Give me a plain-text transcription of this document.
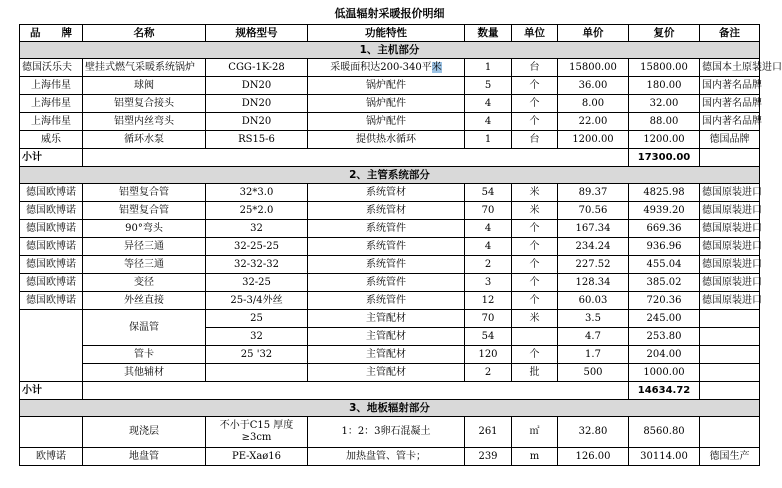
低温辐射采暖报价明细
品　　牌	名称	规格型号	功能特性	数量	单位	单价	复价	备注
1、主机部分								
德国沃乐夫	壁挂式燃气采暖系统锅炉	CGG-1K-28	采暖面积达200-340平米	1	台	15800.00	15800.00	德国本土原装进口
上海伟星	球阀	DN20	锅炉配件	5	个	36.00	180.00	国内著名品牌
上海伟星	铝塑复合接头	DN20	锅炉配件	4	个	8.00	32.00	国内著名品牌
上海伟星	铝塑内丝弯头	DN20	锅炉配件	4	个	22.00	88.00	国内著名品牌
威乐	循环水泵	RS15-6	提供热水循环	1	台	1200.00	1200.00	德国品牌
小计							17300.00	
2、主管系统部分								
德国欧博诺	铝塑复合管	32*3.0	系统管材	54	米	89.37	4825.98	德国原装进口
德国欧博诺	铝塑复合管	25*2.0	系统管材	70	米	70.56	4939.20	德国原装进口
德国欧博诺	90°弯头	32	系统管件	4	个	167.34	669.36	德国原装进口
德国欧博诺	异径三通	32-25-25	系统管件	4	个	234.24	936.96	德国原装进口
德国欧博诺	等径三通	32-32-32	系统管件	2	个	227.52	455.04	德国原装进口
德国欧博诺	变径	32-25	系统管件	3	个	128.34	385.02	德国原装进口
德国欧博诺	外丝直接	25-3/4外丝	系统管件	12	个	60.03	720.36	德国原装进口
	保温管	25	主管配材	70	米	3.5	245.00	
		32	主管配材	54		4.7	253.80	
	管卡	25 '32	主管配材	120	个	1.7	204.00	
	其他辅材		主管配材	2	批	500	1000.00	
小计							14634.72	
3、地板辐射部分								
	现浇层	不小于C15 厚度≥3cm	1：2：3卵石混凝土	261	㎡	32.80	8560.80	
欧博诺	地盘管	PE-Xaø16	加热盘管、管卡；	239	m	126.00	30114.00	德国生产
